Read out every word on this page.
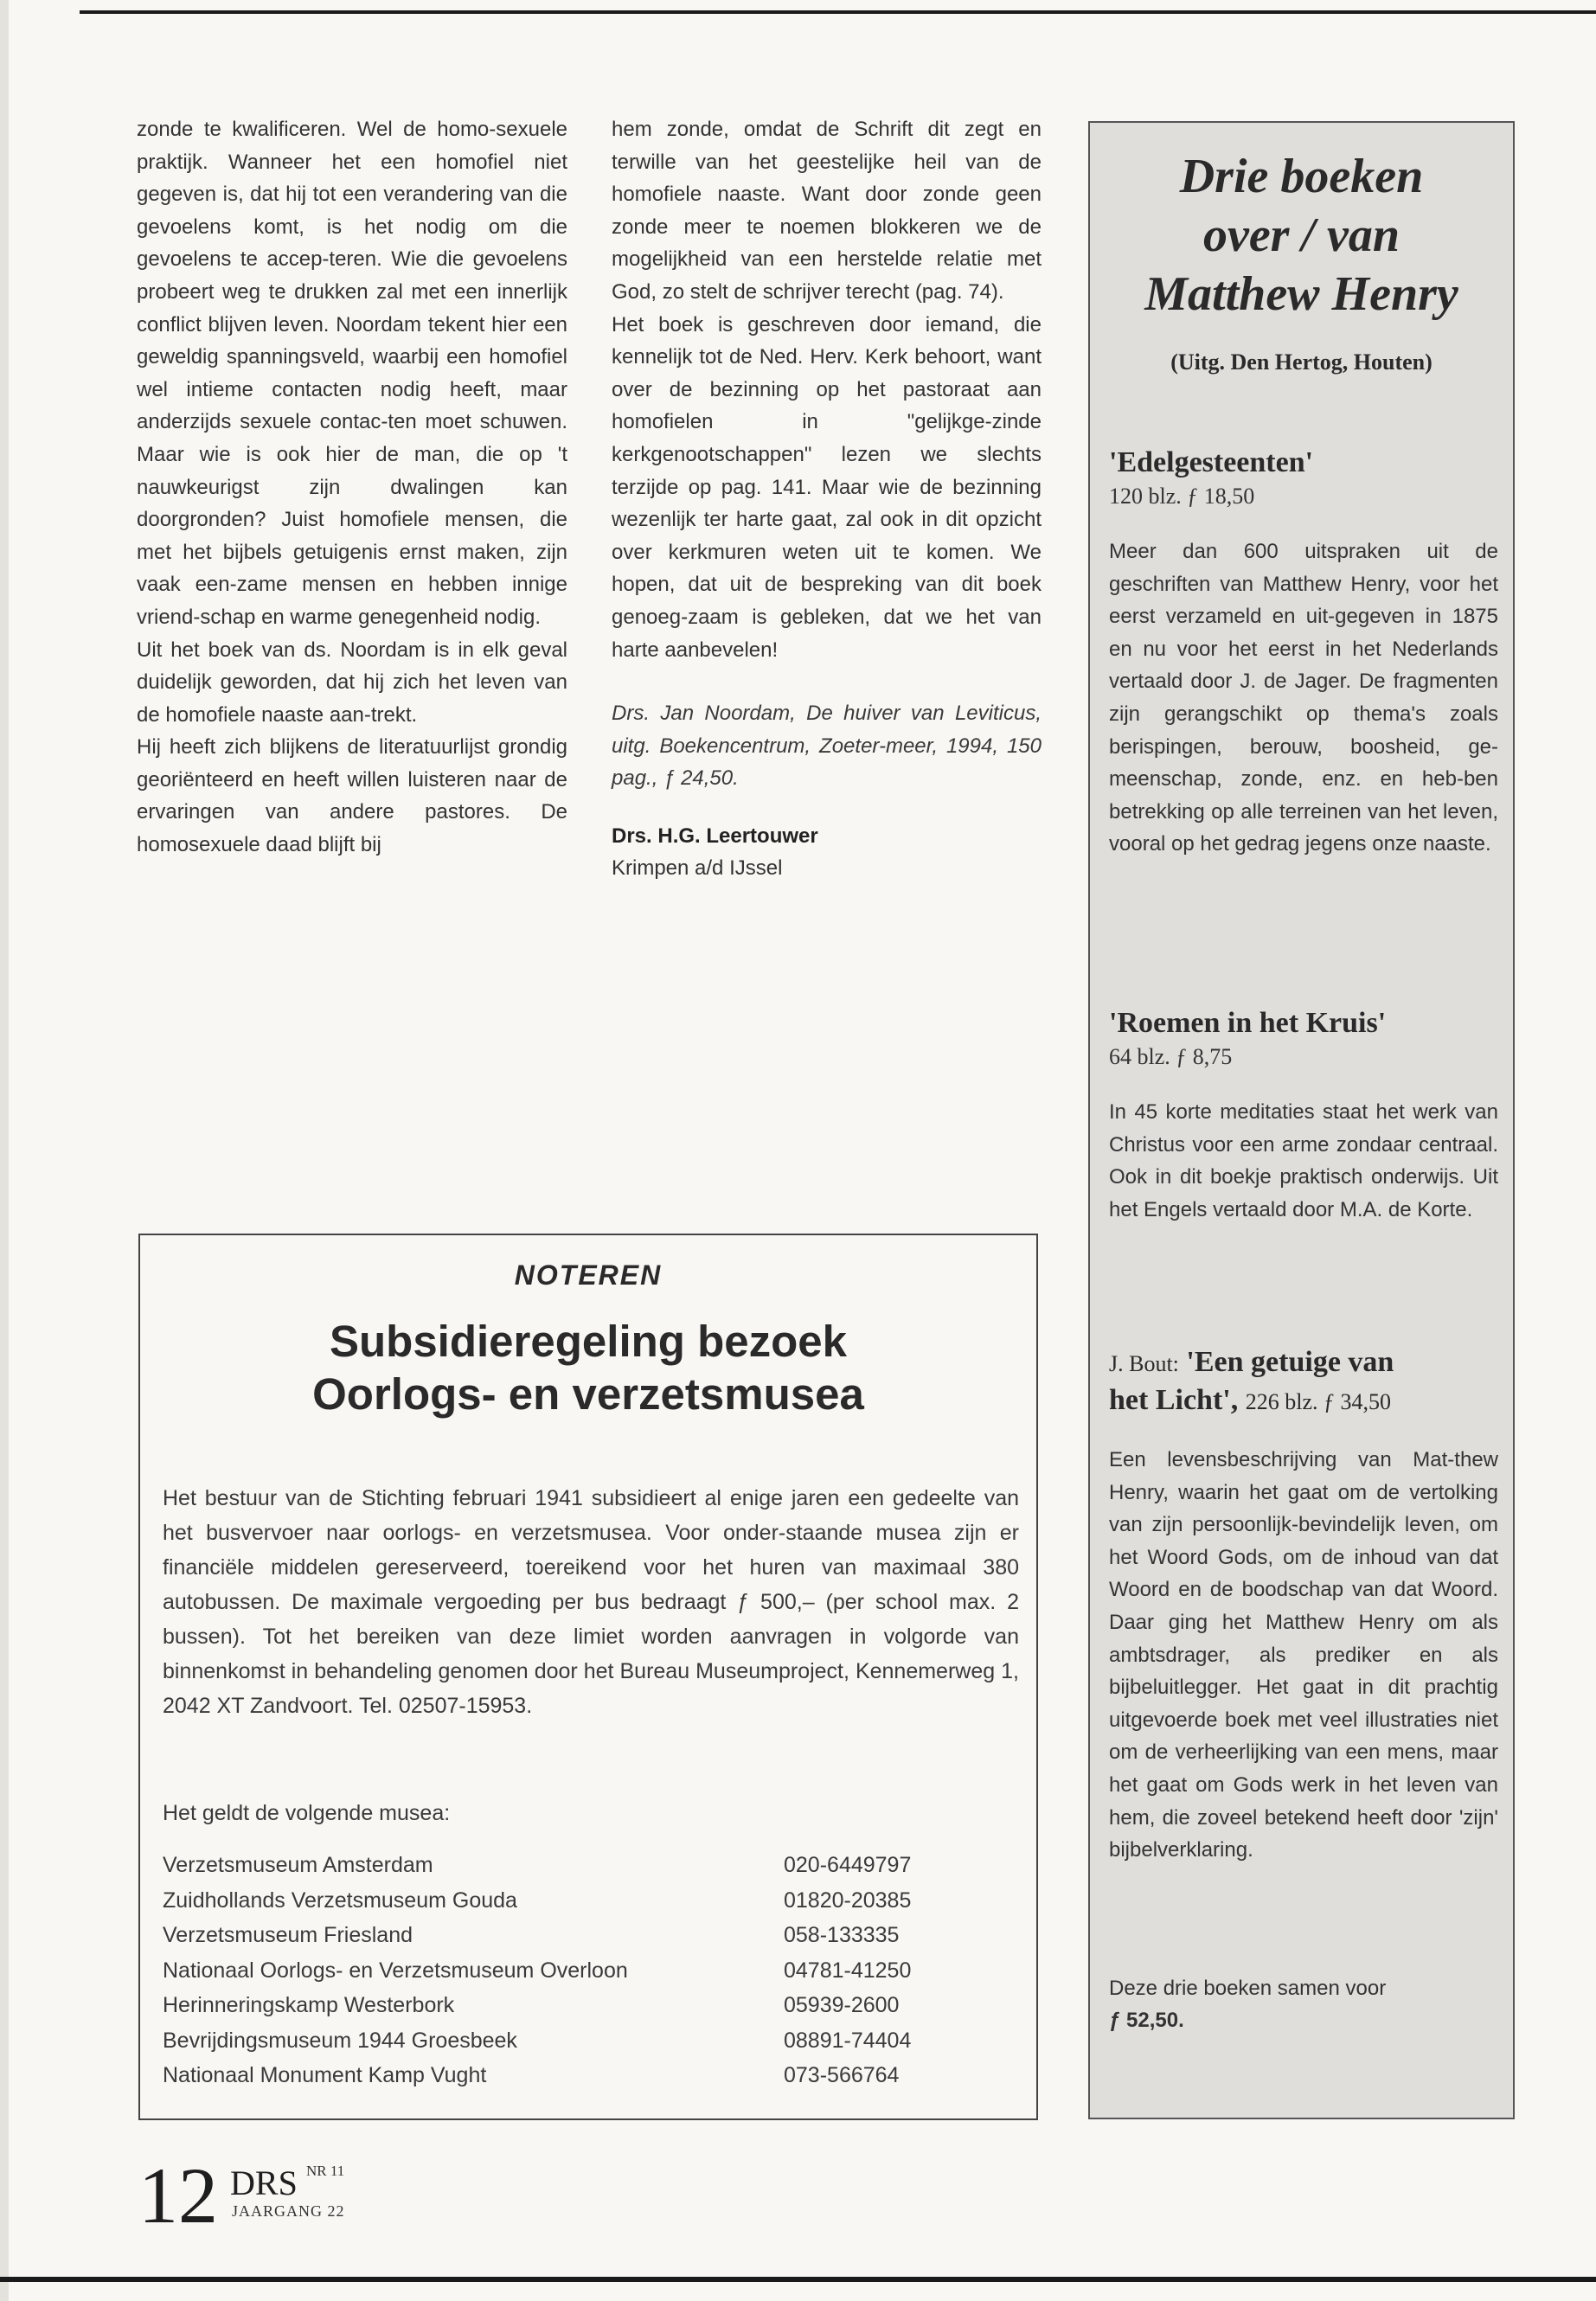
zonde te kwalificeren. Wel de homo-sexuele praktijk. Wanneer het een homofiel niet gegeven is, dat hij tot een verandering van die gevoelens komt, is het nodig om die gevoelens te accep-teren. Wie die gevoelens probeert weg te drukken zal met een innerlijk conflict blijven leven. Noordam tekent hier een geweldig spanningsveld, waarbij een homofiel wel intieme contacten nodig heeft, maar anderzijds sexuele contac-ten moet schuwen. Maar wie is ook hier de man, die op 't nauwkeurigst zijn dwalingen kan doorgronden? Juist homofiele mensen, die met het bijbels getuigenis ernst maken, zijn vaak een-zame mensen en hebben innige vriend-schap en warme genegenheid nodig.

Uit het boek van ds. Noordam is in elk geval duidelijk geworden, dat hij zich het leven van de homofiele naaste aan-trekt.

Hij heeft zich blijkens de literatuurlijst grondig georiënteerd en heeft willen luisteren naar de ervaringen van andere pastores. De homosexuele daad blijft bij

hem zonde, omdat de Schrift dit zegt en terwille van het geestelijke heil van de homofiele naaste. Want door zonde geen zonde meer te noemen blokkeren we de mogelijkheid van een herstelde relatie met God, zo stelt de schrijver terecht (pag. 74).

Het boek is geschreven door iemand, die kennelijk tot de Ned. Herv. Kerk behoort, want over de bezinning op het pastoraat aan homofielen in "gelijkge-zinde kerkgenootschappen" lezen we slechts terzijde op pag. 141. Maar wie de bezinning wezenlijk ter harte gaat, zal ook in dit opzicht over kerkmuren weten uit te komen. We hopen, dat uit de bespreking van dit boek genoeg-zaam is gebleken, dat we het van harte aanbevelen!

Drs. Jan Noordam, De huiver van Leviticus, uitg. Boekencentrum, Zoeter-meer, 1994, 150 pag., ƒ 24,50.

Drs. H.G. Leertouwer

Krimpen a/d IJssel

NOTEREN
Subsidieregeling bezoek
Oorlogs- en verzetsmusea

Het bestuur van de Stichting februari 1941 subsidieert al enige jaren een gedeelte van het busvervoer naar oorlogs- en verzetsmusea. Voor onder-staande musea zijn er financiële middelen gereserveerd, toereikend voor het huren van maximaal 380 autobussen. De maximale vergoeding per bus bedraagt ƒ 500,– (per school max. 2 bussen). Tot het bereiken van deze limiet worden aanvragen in volgorde van binnenkomst in behandeling genomen door het Bureau Museumproject, Kennemerweg 1, 2042 XT Zandvoort. Tel. 02507-15953.

Het geldt de volgende musea:

Verzetsmuseum Amsterdam	020-6449797
Zuidhollands Verzetsmuseum Gouda	01820-20385
Verzetsmuseum Friesland	058-133335
Nationaal Oorlogs- en Verzetsmuseum Overloon	04781-41250
Herinneringskamp Westerbork	05939-2600
Bevrijdingsmuseum 1944 Groesbeek	08891-74404
Nationaal Monument Kamp Vught	073-566764
Drie boeken
over / van
Matthew Henry
(Uitg. Den Hertog, Houten)
'Edelgesteenten'
120 blz. ƒ 18,50

Meer dan 600 uitspraken uit de geschriften van Matthew Henry, voor het eerst verzameld en uit-gegeven in 1875 en nu voor het eerst in het Nederlands vertaald door J. de Jager. De fragmenten zijn gerangschikt op thema's zoals berispingen, berouw, boosheid, ge-meenschap, zonde, enz. en heb-ben betrekking op alle terreinen van het leven, vooral op het gedrag jegens onze naaste.

'Roemen in het Kruis'
64 blz. ƒ 8,75

In 45 korte meditaties staat het werk van Christus voor een arme zondaar centraal. Ook in dit boekje praktisch onderwijs. Uit het Engels vertaald door M.A. de Korte.

J. Bout: 'Een getuige van
het Licht', 226 blz. ƒ 34,50

Een levensbeschrijving van Mat-thew Henry, waarin het gaat om de vertolking van zijn persoonlijk-bevindelijk leven, om het Woord Gods, om de inhoud van dat Woord en de boodschap van dat Woord. Daar ging het Matthew Henry om als ambtsdrager, als prediker en als bijbeluitlegger. Het gaat in dit prachtig uitgevoerde boek met veel illustraties niet om de verheerlijking van een mens, maar het gaat om Gods werk in het leven van hem, die zoveel betekend heeft door 'zijn' bijbelverklaring.

Deze drie boeken samen voor
ƒ 52,50.
12 DRS NR 11
JAARGANG 22
